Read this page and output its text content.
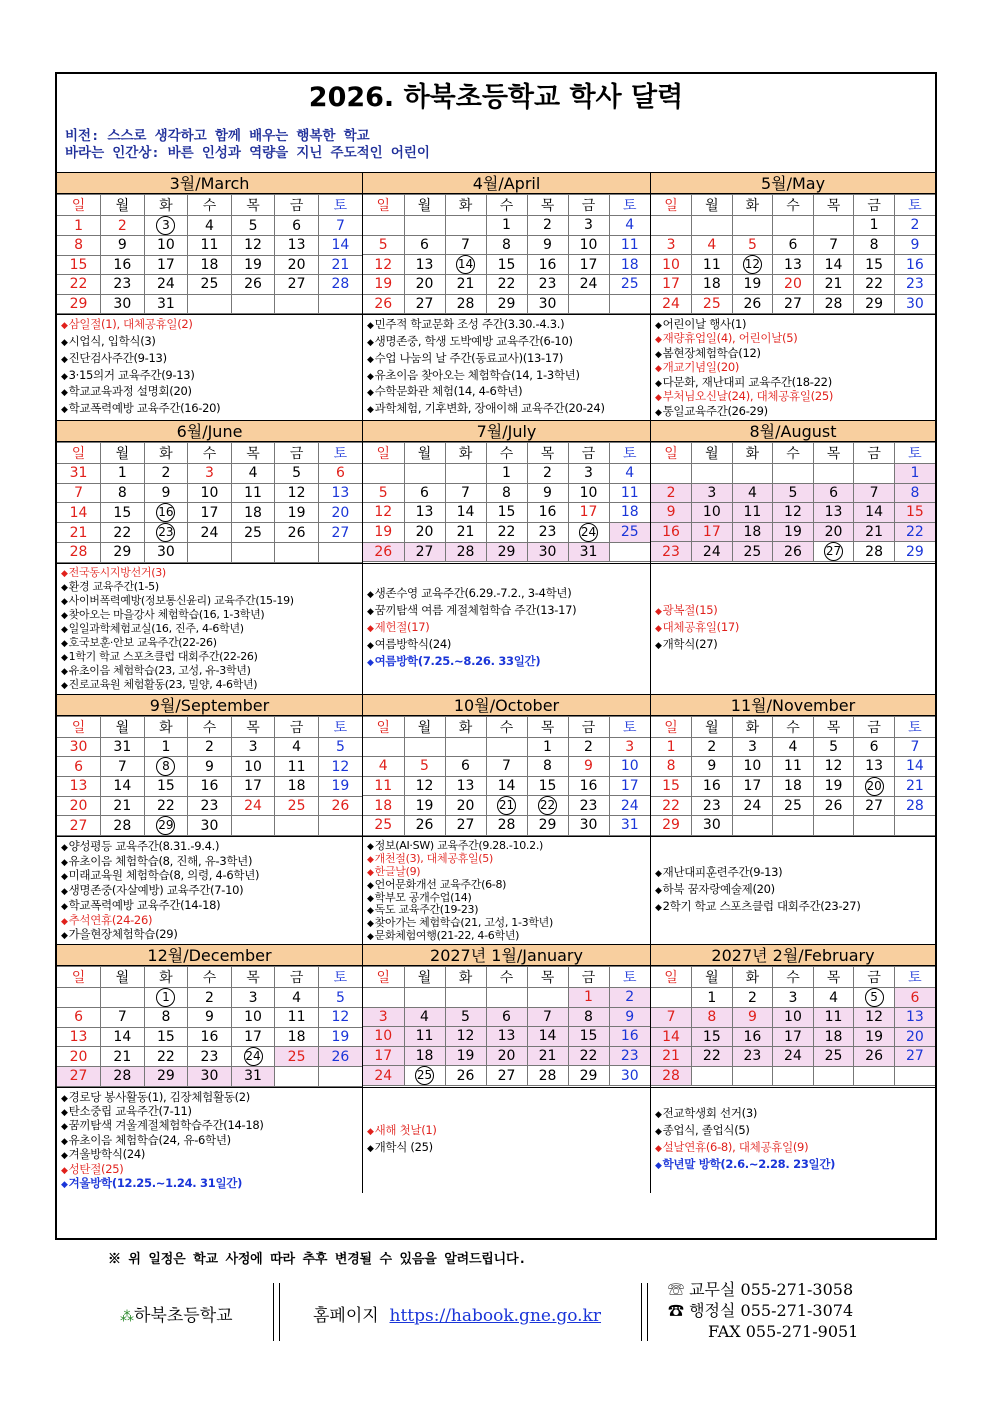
2026. 하북초등학교 학사 달력
비전: 스스로 생각하고 함께 배우는 행복한 학교
바라는 인간상: 바른 인성과 역량을 지닌 주도적인 어린이
3월/March
일	월	화	수	목	금	토
1	2	3	4	5	6	7
8	9	10	11	12	13	14
15	16	17	18	19	20	21
22	23	24	25	26	27	28
29	30	31				
4월/April
일	월	화	수	목	금	토
			1	2	3	4
5	6	7	8	9	10	11
12	13	14	15	16	17	18
19	20	21	22	23	24	25
26	27	28	29	30		
5월/May
일	월	화	수	목	금	토
					1	2
3	4	5	6	7	8	9
10	11	12	13	14	15	16
17	18	19	20	21	22	23
24	25	26	27	28	29	30
◆ 삼일절(1), 대체공휴일(2)
◆ 시업식, 입학식(3)
◆ 진단검사주간(9-13)
◆ 3·15의거 교육주간(9-13)
◆ 학교교육과정 설명회(20)
◆ 학교폭력예방 교육주간(16-20)
◆ 민주적 학교문화 조성 주간(3.30.-4.3.)
◆ 생명존중, 학생 도박예방 교육주간(6-10)
◆ 수업 나눔의 날 주간(동료교사)(13-17)
◆ 유초이음 찾아오는 체험학습(14, 1-3학년)
◆ 수학문화관 체험(14, 4-6학년)
◆ 과학체험, 기후변화, 장애이해 교육주간(20-24)
◆ 어린이날 행사(1)
◆ 재량휴업일(4), 어린이날(5)
◆ 봄현장체험학습(12)
◆ 개교기념일(20)
◆ 다문화, 재난대피 교육주간(18-22)
◆ 부처님오신날(24), 대체공휴일(25)
◆ 통일교육주간(26-29)
6월/June
일	월	화	수	목	금	토
31	1	2	3	4	5	6
7	8	9	10	11	12	13
14	15	16	17	18	19	20
21	22	23	24	25	26	27
28	29	30				
7월/July
일	월	화	수	목	금	토
			1	2	3	4
5	6	7	8	9	10	11
12	13	14	15	16	17	18
19	20	21	22	23	24	25
26	27	28	29	30	31	
8월/August
일	월	화	수	목	금	토
						1
2	3	4	5	6	7	8
9	10	11	12	13	14	15
16	17	18	19	20	21	22
23	24	25	26	27	28	29
◆ 전국동시지방선거(3)
◆ 환경 교육주간(1-5)
◆ 사이버폭력예방(정보통신윤리) 교육주간(15-19)
◆ 찾아오는 마을강사 체험학습(16, 1-3학년)
◆ 일일과학체험교실(16, 진주, 4-6학년)
◆ 호국보훈·안보 교육주간(22-26)
◆ 1학기 학교 스포츠클럽 대회주간(22-26)
◆ 유초이음 체험학습(23, 고성, 유-3학년)
◆ 진로교육원 체험활동(23, 밀양, 4-6학년)
◆ 생존수영 교육주간(6.29.-7.2., 3-4학년)
◆ 꿈끼탐색 여름 계절체험학습 주간(13-17)
◆ 제헌절(17)
◆ 여름방학식(24)
◆ 여름방학(7.25.~8.26. 33일간)
◆ 광복절(15)
◆ 대체공휴일(17)
◆ 개학식(27)
9월/September
일	월	화	수	목	금	토
30	31	1	2	3	4	5
6	7	8	9	10	11	12
13	14	15	16	17	18	19
20	21	22	23	24	25	26
27	28	29	30			
10월/October
일	월	화	수	목	금	토
				1	2	3
4	5	6	7	8	9	10
11	12	13	14	15	16	17
18	19	20	21	22	23	24
25	26	27	28	29	30	31
11월/November
일	월	화	수	목	금	토
1	2	3	4	5	6	7
8	9	10	11	12	13	14
15	16	17	18	19	20	21
22	23	24	25	26	27	28
29	30					
◆ 양성평등 교육주간(8.31.-9.4.)
◆ 유초이음 체험학습(8, 진해, 유-3학년)
◆ 미래교육원 체험학습(8, 의령, 4-6학년)
◆ 생명존중(자살예방) 교육주간(7-10)
◆ 학교폭력예방 교육주간(14-18)
◆ 추석연휴(24-26)
◆ 가을현장체험학습(29)
◆ 정보(AI·SW) 교육주간(9.28.-10.2.)
◆ 개천절(3), 대체공휴일(5)
◆ 한글날(9)
◆ 언어문화개선 교육주간(6-8)
◆ 학부모 공개수업(14)
◆ 독도 교육주간(19-23)
◆ 찾아가는 체험학습(21, 고성, 1-3학년)
◆ 문화체험여행(21-22, 4-6학년)
◆ 재난대피훈련주간(9-13)
◆ 하북 꿈자랑예술제(20)
◆ 2학기 학교 스포츠클럽 대회주간(23-27)
12월/December
일	월	화	수	목	금	토
		1	2	3	4	5
6	7	8	9	10	11	12
13	14	15	16	17	18	19
20	21	22	23	24	25	26
27	28	29	30	31		
2027년 1월/January
일	월	화	수	목	금	토
					1	2
3	4	5	6	7	8	9
10	11	12	13	14	15	16
17	18	19	20	21	22	23
24	25	26	27	28	29	30
2027년 2월/February
일	월	화	수	목	금	토
	1	2	3	4	5	6
7	8	9	10	11	12	13
14	15	16	17	18	19	20
21	22	23	24	25	26	27
28						
◆ 경로당 봉사활동(1), 김장체험활동(2)
◆ 탄소중립 교육주간(7-11)
◆ 꿈끼탐색 겨울계절체험학습주간(14-18)
◆ 유초이음 체험학습(24, 유-6학년)
◆ 겨울방학식(24)
◆ 성탄절(25)
◆ 겨울방학(12.25.~1.24. 31일간)
◆ 새해 첫날(1)
◆ 개학식 (25)
◆ 전교학생회 선거(3)
◆ 종업식, 졸업식(5)
◆ 설날연휴(6-8), 대체공휴일(9)
◆ 학년말 방학(2.6.~2.28. 23일간)
※ 위 일정은 학교 사정에 따라 추후 변경될 수 있음을 알려드립니다.
⁂하북초등학교	홈페이지 https://habook.gne.go.kr
☏ 교무실 055-271-3058
☎ 행정실 055-271-3074
FAX 055-271-9051
